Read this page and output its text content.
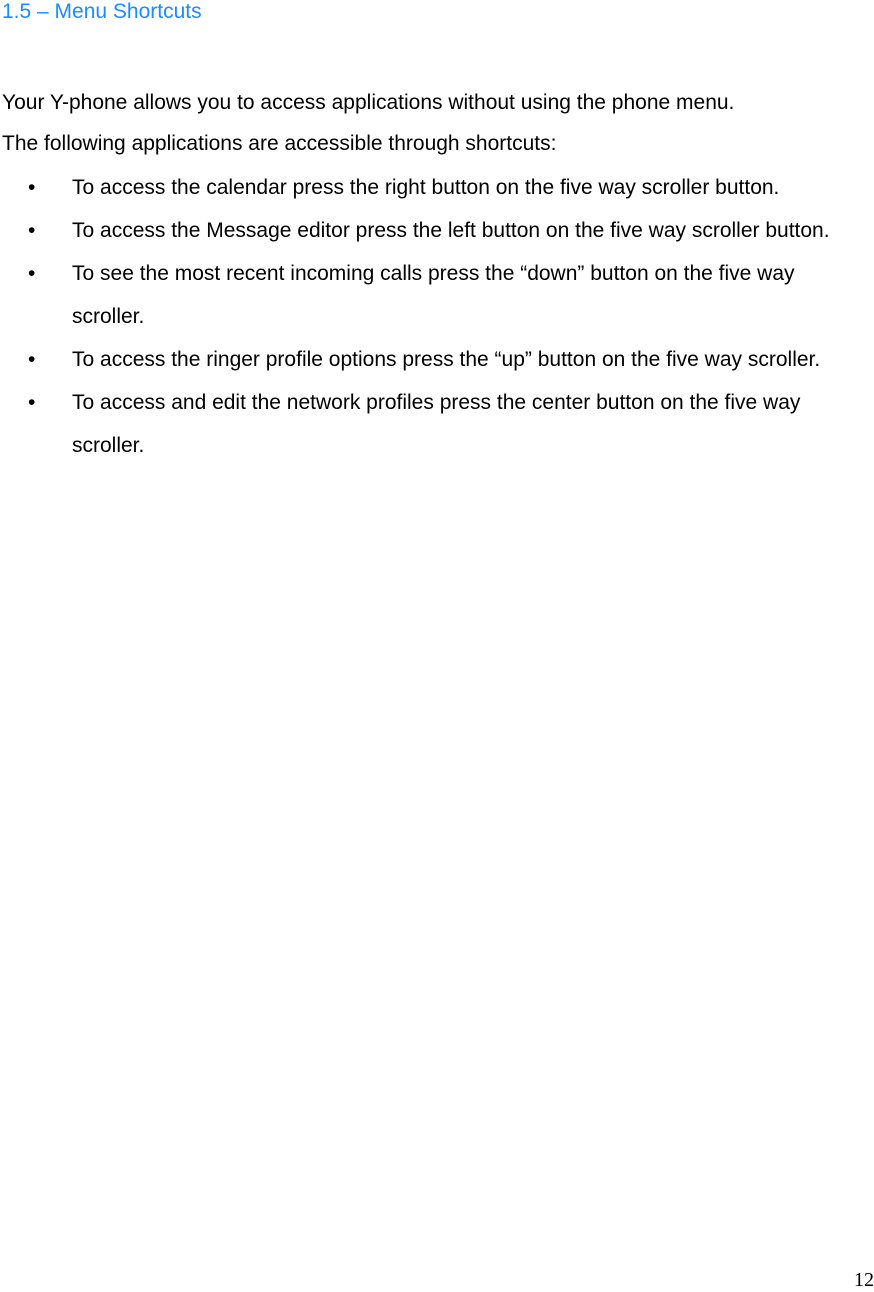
1.5 – Menu Shortcuts

Your Y-phone allows you to access applications without using the phone menu.
The following applications are accessible through shortcuts:

• To access the calendar press the right button on the five way scroller button.
• To access the Message editor press the left button on the five way scroller button.
• To see the most recent incoming calls press the “down” button on the five way scroller.
• To access the ringer profile options press the “up” button on the five way scroller.
• To access and edit the network profiles press the center button on the five way scroller.
12
